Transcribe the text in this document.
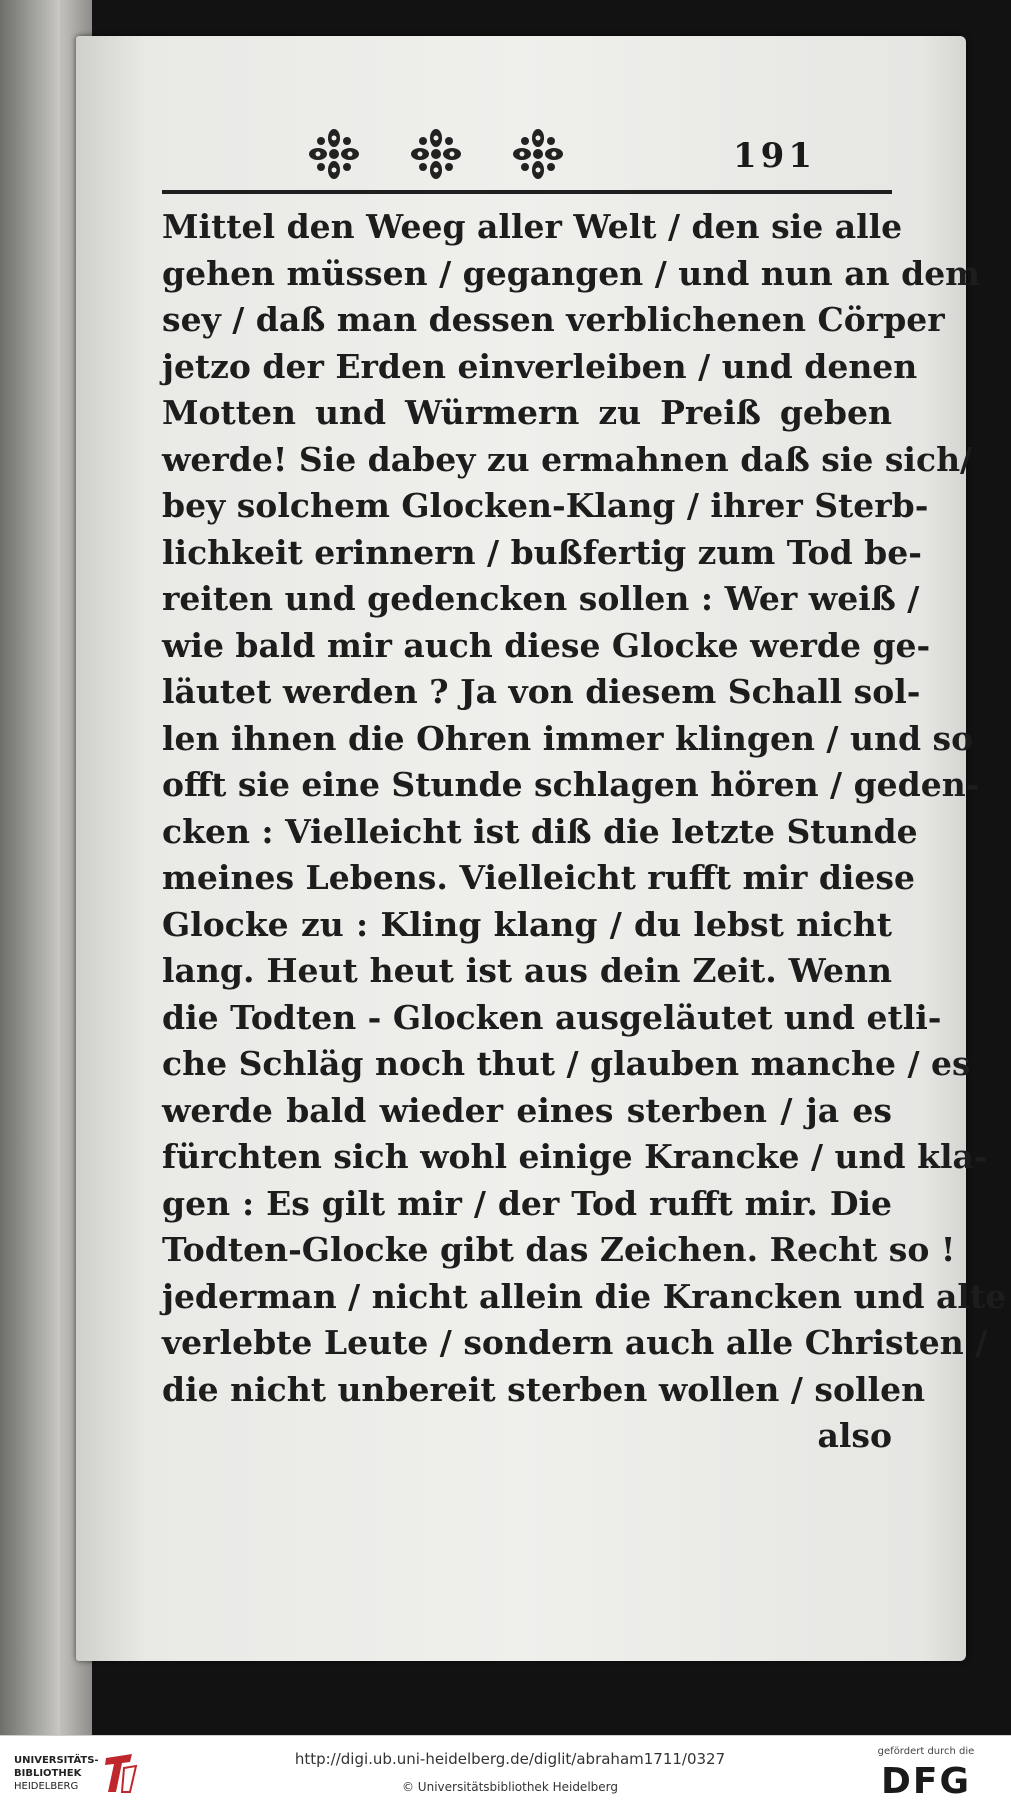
191
Mittel den Weeg aller Welt / den sie alle
gehen müssen / gegangen / und nun an dem
sey / daß man dessen verblichenen Cörper
jetzo der Erden einverleiben / und denen
Motten und Würmern zu Preiß geben
werde! Sie dabey zu ermahnen daß sie sich/
bey solchem Glocken-Klang / ihrer Sterb-
lichkeit erinnern / bußfertig zum Tod be-
reiten und gedencken sollen : Wer weiß /
wie bald mir auch diese Glocke werde ge-
läutet werden ? Ja von diesem Schall sol-
len ihnen die Ohren immer klingen / und so
offt sie eine Stunde schlagen hören / geden-
cken : Vielleicht ist diß die letzte Stunde
meines Lebens. Vielleicht rufft mir diese
Glocke zu : Kling klang / du lebst nicht
lang. Heut heut ist aus dein Zeit. Wenn
die Todten - Glocken ausgeläutet und etli-
che Schläg noch thut / glauben manche / es
werde bald wieder eines sterben / ja es
fürchten sich wohl einige Krancke / und kla-
gen : Es gilt mir / der Tod rufft mir. Die
Todten-Glocke gibt das Zeichen. Recht so !
jederman / nicht allein die Krancken und alte
verlebte Leute / sondern auch alle Christen /
die nicht unbereit sterben wollen / sollen
also
UNIVERSITÄTS-
BIBLIOTHEK
HEIDELBERG
http://digi.ub.uni-heidelberg.de/diglit/abraham1711/0327
© Universitätsbibliothek Heidelberg
gefördert durch die
DFG
